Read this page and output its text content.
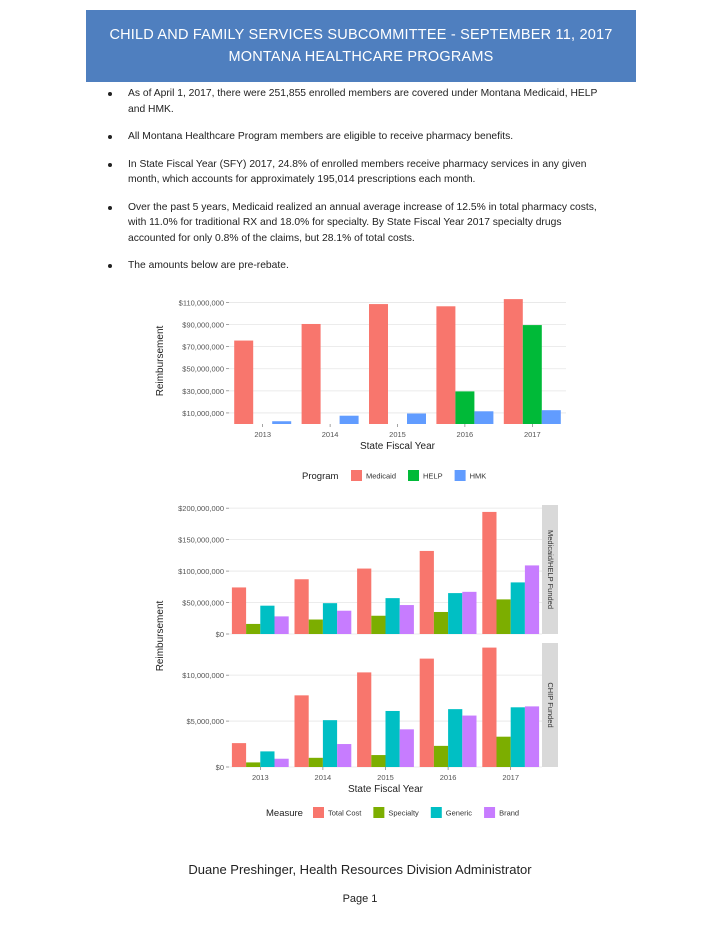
CHILD AND FAMILY SERVICES SUBCOMMITTEE - SEPTEMBER 11, 2017
MONTANA HEALTHCARE PROGRAMS
As of April 1, 2017, there were 251,855 enrolled members are covered under Montana Medicaid, HELP and HMK.
All Montana Healthcare Program members are eligible to receive pharmacy benefits.
In State Fiscal Year (SFY) 2017, 24.8% of enrolled members receive pharmacy services in any given month, which accounts for approximately 195,014 prescriptions each month.
Over the past 5 years, Medicaid realized an annual average increase of 12.5% in total pharmacy costs, with 11.0% for traditional RX and 18.0% for specialty. By State Fiscal Year 2017 specialty drugs accounted for only 0.8% of the claims, but 28.1% of total costs.
The amounts below are pre-rebate.
$10,000,000
$30,000,000
$50,000,000
$70,000,000
$90,000,000
$110,000,000
2013	2014	2015	2016	2017
State Fiscal Year
Reimbursement
Program	Medicaid	HELP	HMK
$0
$50,000,000
$100,000,000
$150,000,000
$200,000,000
Medicaid/HELP Funded
$0
$5,000,000
$10,000,000
CHIP Funded
2013	2014	2015	2016	2017
State Fiscal Year
Reimbursement
Measure	Total Cost	Specialty	Generic	Brand
Duane Preshinger, Health Resources Division Administrator
Page 1
